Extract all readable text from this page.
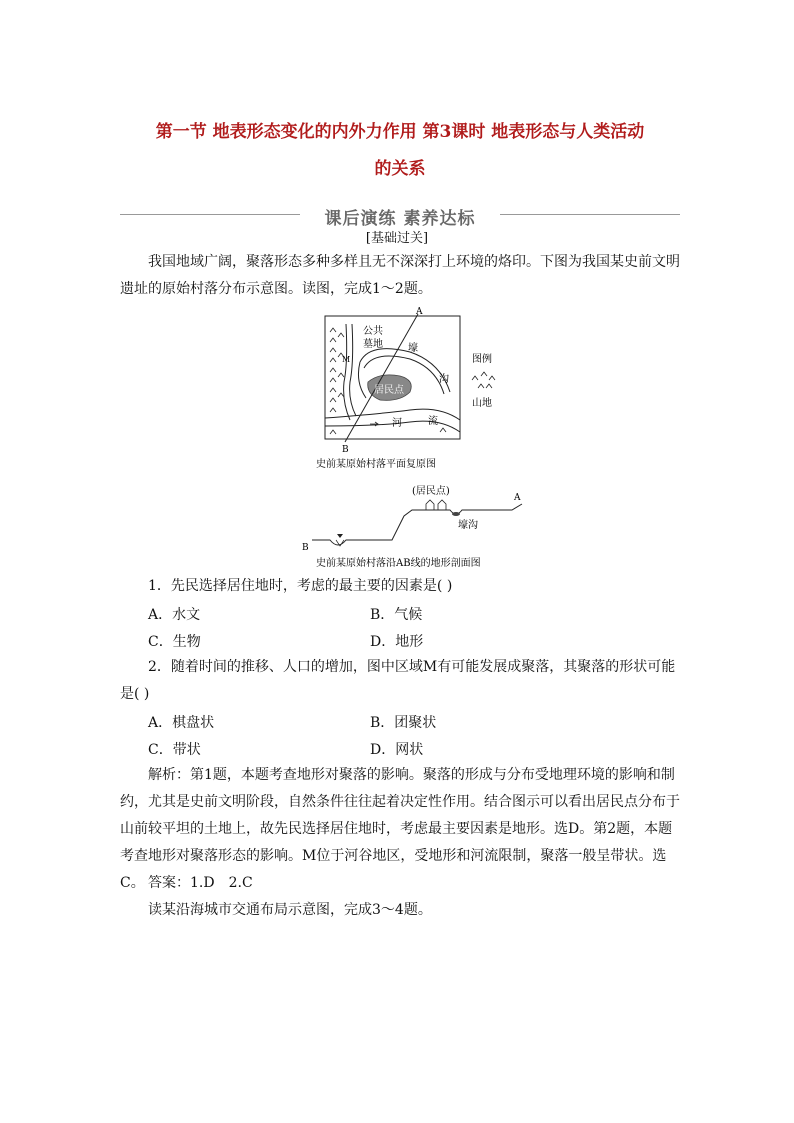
第一节 地表形态变化的内外力作用 第3课时 地表形态与人类活动
的关系
课后演练 素养达标
[基础过关]
我国地域广阔，聚落形态多种多样且无不深深打上环境的烙印。下图为我国某史前文明遗址的原始村落分布示意图。读图，完成1～2题。
公共
墓地	壕
沟
居民点
河	流
M
A
B
图例
山地
史前某原始村落平面复原图
(居民点)
A
B
壕沟
史前某原始村落沿AB线的地形剖面图
1．先民选择居住地时，考虑的最主要的因素是( )
A．水文	B．气候
C．生物	D．地形
2．随着时间的推移、人口的增加，图中区域M有可能发展成聚落，其聚落的形状可能是( )
A．棋盘状	B．团聚状
C．带状	D．网状
解析：第1题，本题考查地形对聚落的影响。聚落的形成与分布受地理环境的影响和制约，尤其是史前文明阶段，自然条件往往起着决定性作用。结合图示可以看出居民点分布于山前较平坦的土地上，故先民选择居住地时，考虑最主要因素是地形。选D。第2题，本题考查地形对聚落形态的影响。M位于河谷地区，受地形和河流限制，聚落一般呈带状。选C。 答案：1.D　2.C
读某沿海城市交通布局示意图，完成3～4题。
